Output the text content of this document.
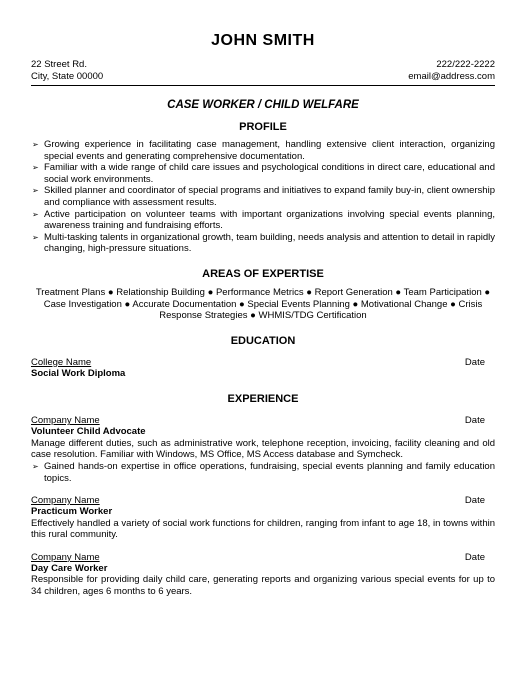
JOHN SMITH
22 Street Rd.
City, State 00000
222/222-2222
email@address.com
CASE WORKER / CHILD WELFARE
PROFILE
➢ Growing experience in facilitating case management, handling extensive client interaction, organizing special events and generating comprehensive documentation.
➢ Familiar with a wide range of child care issues and psychological conditions in direct care, educational and social work environments.
➢ Skilled planner and coordinator of special programs and initiatives to expand family buy-in, client ownership and compliance with assessment results.
➢ Active participation on volunteer teams with important organizations involving special events planning, awareness training and fundraising efforts.
➢ Multi-tasking talents in organizational growth, team building, needs analysis and attention to detail in rapidly changing, high-pressure situations.
AREAS OF EXPERTISE
Treatment Plans ● Relationship Building ● Performance Metrics ● Report Generation ● Team Participation ● Case Investigation ● Accurate Documentation ● Special Events Planning ● Motivational Change ● Crisis Response Strategies ● WHMIS/TDG Certification
EDUCATION
College Name	Date
Social Work Diploma
EXPERIENCE
Company Name	Date
Volunteer Child Advocate
Manage different duties, such as administrative work, telephone reception, invoicing, facility cleaning and old case resolution. Familiar with Windows, MS Office, MS Access database and Symcheck.
➢ Gained hands-on expertise in office operations, fundraising, special events planning and family education topics.
Company Name	Date
Practicum Worker
Effectively handled a variety of social work functions for children, ranging from infant to age 18, in towns within this rural community.
Company Name	Date
Day Care Worker
Responsible for providing daily child care, generating reports and organizing various special events for up to 34 children, ages 6 months to 6 years.
